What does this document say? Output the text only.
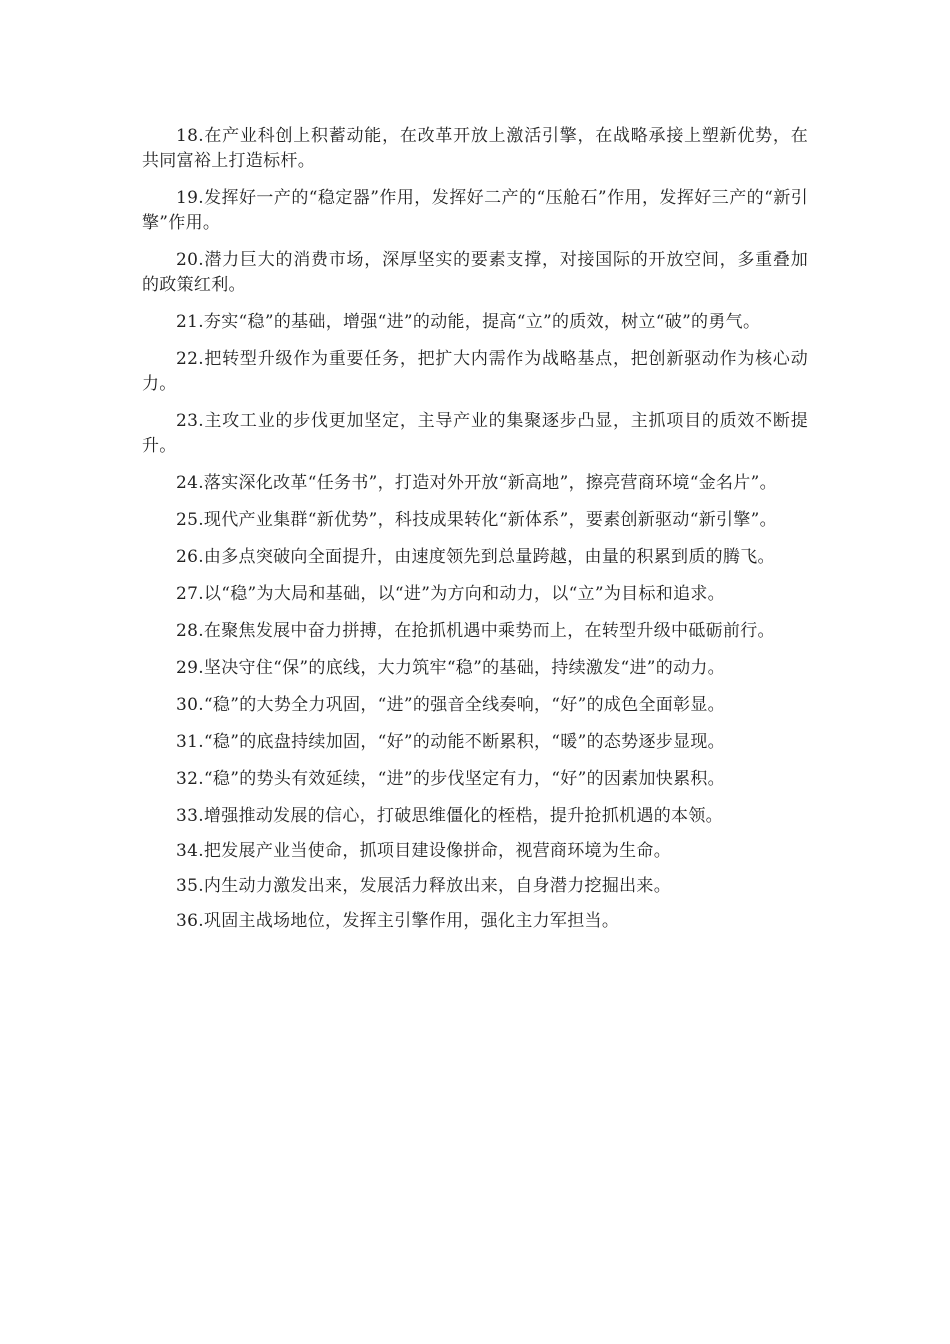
18.在产业科创上积蓄动能，在改革开放上激活引擎，在战略承接上塑新优势，在共同富裕上打造标杆。

19.发挥好一产的“稳定器”作用，发挥好二产的“压舱石”作用，发挥好三产的“新引擎”作用。

20.潜力巨大的消费市场，深厚坚实的要素支撑，对接国际的开放空间，多重叠加的政策红利。

21.夯实“稳”的基础，增强“进”的动能，提高“立”的质效，树立“破”的勇气。

22.把转型升级作为重要任务，把扩大内需作为战略基点，把创新驱动作为核心动力。

23.主攻工业的步伐更加坚定，主导产业的集聚逐步凸显，主抓项目的质效不断提升。

24.落实深化改革“任务书”，打造对外开放“新高地”，擦亮营商环境“金名片”。

25.现代产业集群“新优势”，科技成果转化“新体系”，要素创新驱动“新引擎”。

26.由多点突破向全面提升，由速度领先到总量跨越，由量的积累到质的腾飞。

27.以“稳”为大局和基础，以“进”为方向和动力，以“立”为目标和追求。

28.在聚焦发展中奋力拼搏，在抢抓机遇中乘势而上，在转型升级中砥砺前行。

29.坚决守住“保”的底线，大力筑牢“稳”的基础，持续激发“进”的动力。

30.“稳”的大势全力巩固，“进”的强音全线奏响，“好”的成色全面彰显。

31.“稳”的底盘持续加固，“好”的动能不断累积，“暖”的态势逐步显现。

32.“稳”的势头有效延续，“进”的步伐坚定有力，“好”的因素加快累积。

33.增强推动发展的信心，打破思维僵化的桎梏，提升抢抓机遇的本领。

34.把发展产业当使命，抓项目建设像拼命，视营商环境为生命。

35.内生动力激发出来，发展活力释放出来，自身潜力挖掘出来。

36.巩固主战场地位，发挥主引擎作用，强化主力军担当。
